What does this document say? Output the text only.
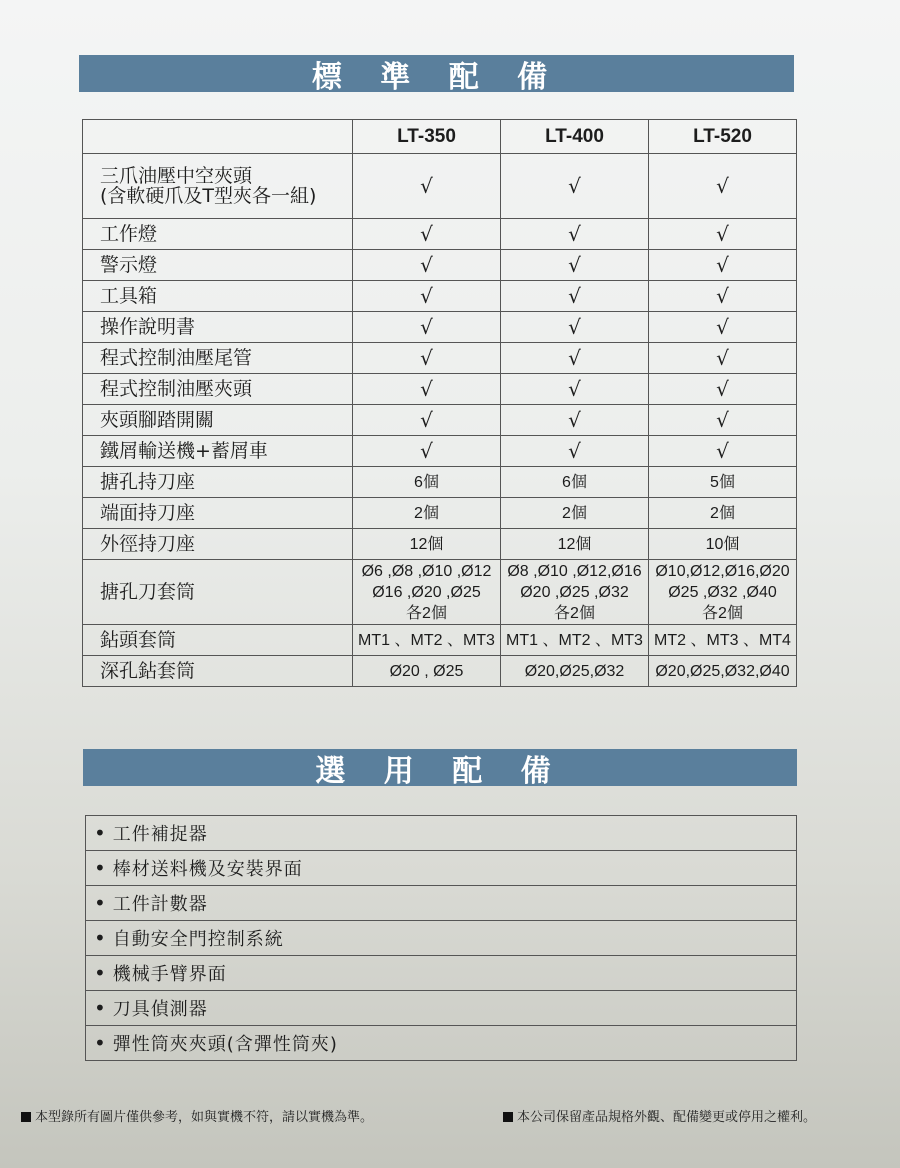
標 準 配 備
	LT-350	LT-400	LT-520

三爪油壓中空夾頭
(含軟硬爪及T型夾各一組)	√	√	√

工作燈	√	√	√

警示燈	√	√	√

工具箱	√	√	√

操作說明書	√	√	√

程式控制油壓尾管	√	√	√

程式控制油壓夾頭	√	√	√

夾頭腳踏開關	√	√	√

鐵屑輸送機+蓄屑車	√	√	√

搪孔持刀座	6個	6個	5個

端面持刀座	2個	2個	2個

外徑持刀座	12個	12個	10個

搪孔刀套筒	Ø6 ,Ø8 ,Ø10 ,Ø12
Ø16 ,Ø20 ,Ø25
各2個	Ø8 ,Ø10 ,Ø12,Ø16
Ø20 ,Ø25 ,Ø32
各2個	Ø10,Ø12,Ø16,Ø20
Ø25 ,Ø32 ,Ø40
各2個

鉆頭套筒	MT1 、MT2 、MT3	MT1 、MT2 、MT3	MT2 、MT3 、MT4

深孔鉆套筒	Ø20 , Ø25	Ø20,Ø25,Ø32	Ø20,Ø25,Ø32,Ø40
選 用 配 備
• 工件補捉器
• 棒材送料機及安裝界面
• 工件計數器
• 自動安全門控制系統
• 機械手臂界面
• 刀具偵測器
• 彈性筒夾夾頭(含彈性筒夾)
本型錄所有圖片僅供參考，如與實機不符，請以實機為準。	本公司保留產品規格外觀、配備變更或停用之權利。
